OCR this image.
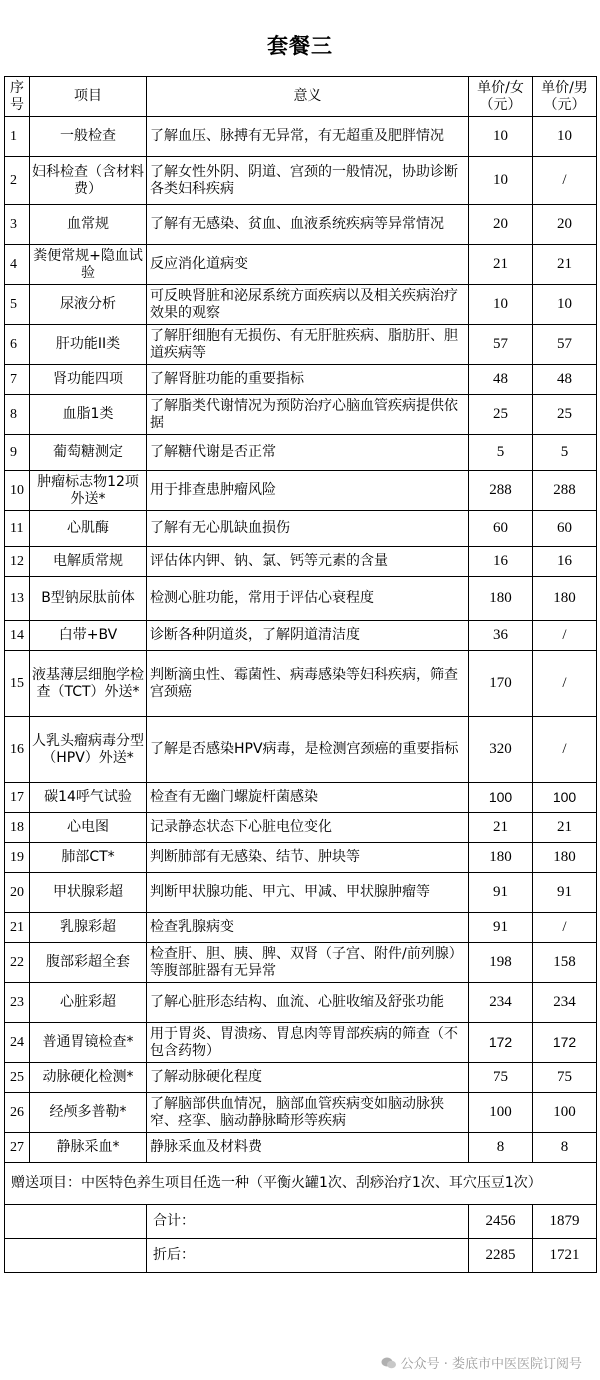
套餐三
序号	项目	意义	单价/女（元）	单价/男（元）
1	一般检查	了解血压、脉搏有无异常，有无超重及肥胖情况	10	10
2	妇科检查（含材料费）	了解女性外阴、阴道、宫颈的一般情况，协助诊断各类妇科疾病	10	/
3	血常规	了解有无感染、贫血、血液系统疾病等异常情况	20	20
4	粪便常规+隐血试验	反应消化道病变	21	21
5	尿液分析	可反映肾脏和泌尿系统方面疾病以及相关疾病治疗效果的观察	10	10
6	肝功能II类	了解肝细胞有无损伤、有无肝脏疾病、脂肪肝、胆道疾病等	57	57
7	肾功能四项	了解肾脏功能的重要指标	48	48
8	血脂1类	了解脂类代谢情况为预防治疗心脑血管疾病提供依据	25	25
9	葡萄糖测定	了解糖代谢是否正常	5	5
10	肿瘤标志物12项外送*	用于排查患肿瘤风险	288	288
11	心肌酶	了解有无心肌缺血损伤	60	60
12	电解质常规	评估体内钾、钠、氯、钙等元素的含量	16	16
13	B型钠尿肽前体	检测心脏功能，常用于评估心衰程度	180	180
14	白带+BV	诊断各种阴道炎，了解阴道清洁度	36	/
15	液基薄层细胞学检查（TCT）外送*	判断滴虫性、霉菌性、病毒感染等妇科疾病，筛查宫颈癌	170	/
16	人乳头瘤病毒分型（HPV）外送*	了解是否感染HPV病毒，是检测宫颈癌的重要指标	320	/
17	碳14呼气试验	检查有无幽门螺旋杆菌感染	100	100
18	心电图	记录静态状态下心脏电位变化	21	21
19	肺部CT*	判断肺部有无感染、结节、肿块等	180	180
20	甲状腺彩超	判断甲状腺功能、甲亢、甲减、甲状腺肿瘤等	91	91
21	乳腺彩超	检查乳腺病变	91	/
22	腹部彩超全套	检查肝、胆、胰、脾、双肾（子宫、附件/前列腺）等腹部脏器有无异常	198	158
23	心脏彩超	了解心脏形态结构、血流、心脏收缩及舒张功能	234	234
24	普通胃镜检查*	用于胃炎、胃溃疡、胃息肉等胃部疾病的筛查（不包含药物）	172	172
25	动脉硬化检测*	了解动脉硬化程度	75	75
26	经颅多普勒*	了解脑部供血情况，脑部血管疾病变如脑动脉狭窄、痉挛、脑动静脉畸形等疾病	100	100
27	静脉采血*	静脉采血及材料费	8	8
赠送项目：中医特色养生项目任选一种（平衡火罐1次、刮痧治疗1次、耳穴压豆1次）				
		合计：	2456	1879
		折后：	2285	1721
公众号 · 娄底市中医医院订阅号
